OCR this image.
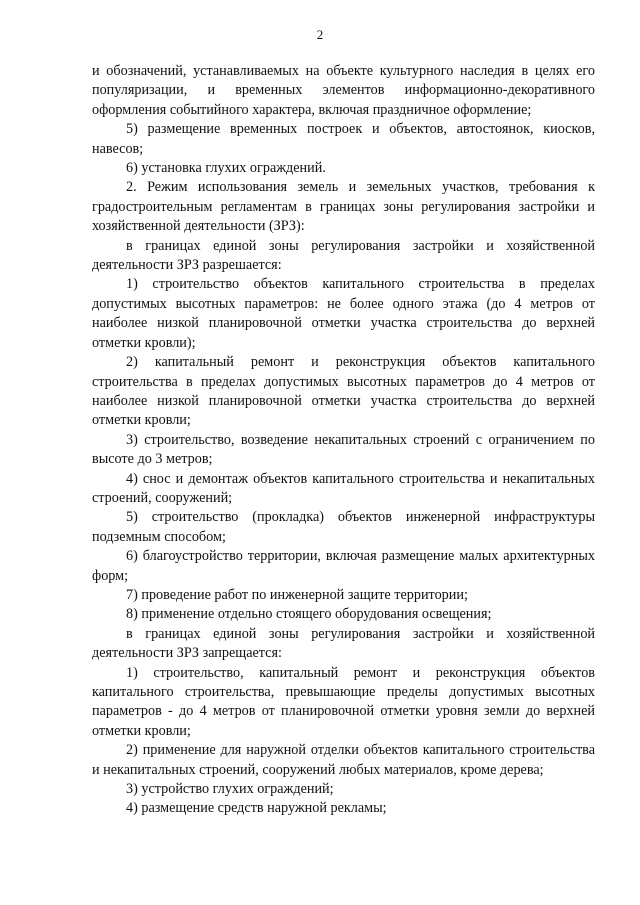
2

и обозначений, устанавливаемых на объекте культурного наследия в целях его популяризации, и временных элементов информационно-декоративного оформления событийного характера, включая праздничное оформление;

5) размещение временных построек и объектов, автостоянок, киосков, навесов;

6) установка глухих ограждений.

2. Режим использования земель и земельных участков, требования к градостроительным регламентам в границах зоны регулирования застройки и хозяйственной деятельности (ЗРЗ):

в границах единой зоны регулирования застройки и хозяйственной деятельности ЗРЗ разрешается:

1) строительство объектов капитального строительства в пределах допустимых высотных параметров: не более одного этажа (до 4 метров от наиболее низкой планировочной отметки участка строительства до верхней отметки кровли);

2) капитальный ремонт и реконструкция объектов капитального строительства в пределах допустимых высотных параметров до 4 метров от наиболее низкой планировочной отметки участка строительства до верхней отметки кровли;

3) строительство, возведение некапитальных строений с ограничением по высоте до 3 метров;

4) снос и демонтаж объектов капитального строительства и некапитальных строений, сооружений;

5) строительство (прокладка) объектов инженерной инфраструктуры подземным способом;

6) благоустройство территории, включая размещение малых архитектурных форм;

7) проведение работ по инженерной защите территории;

8) применение отдельно стоящего оборудования освещения;

в границах единой зоны регулирования застройки и хозяйственной деятельности ЗРЗ запрещается:

1) строительство, капитальный ремонт и реконструкция объектов капитального строительства, превышающие пределы допустимых высотных параметров - до 4 метров от планировочной отметки уровня земли до верхней отметки кровли;

2) применение для наружной отделки объектов капитального строительства и некапитальных строений, сооружений любых материалов, кроме дерева;

3) устройство глухих ограждений;

4) размещение средств наружной рекламы;
